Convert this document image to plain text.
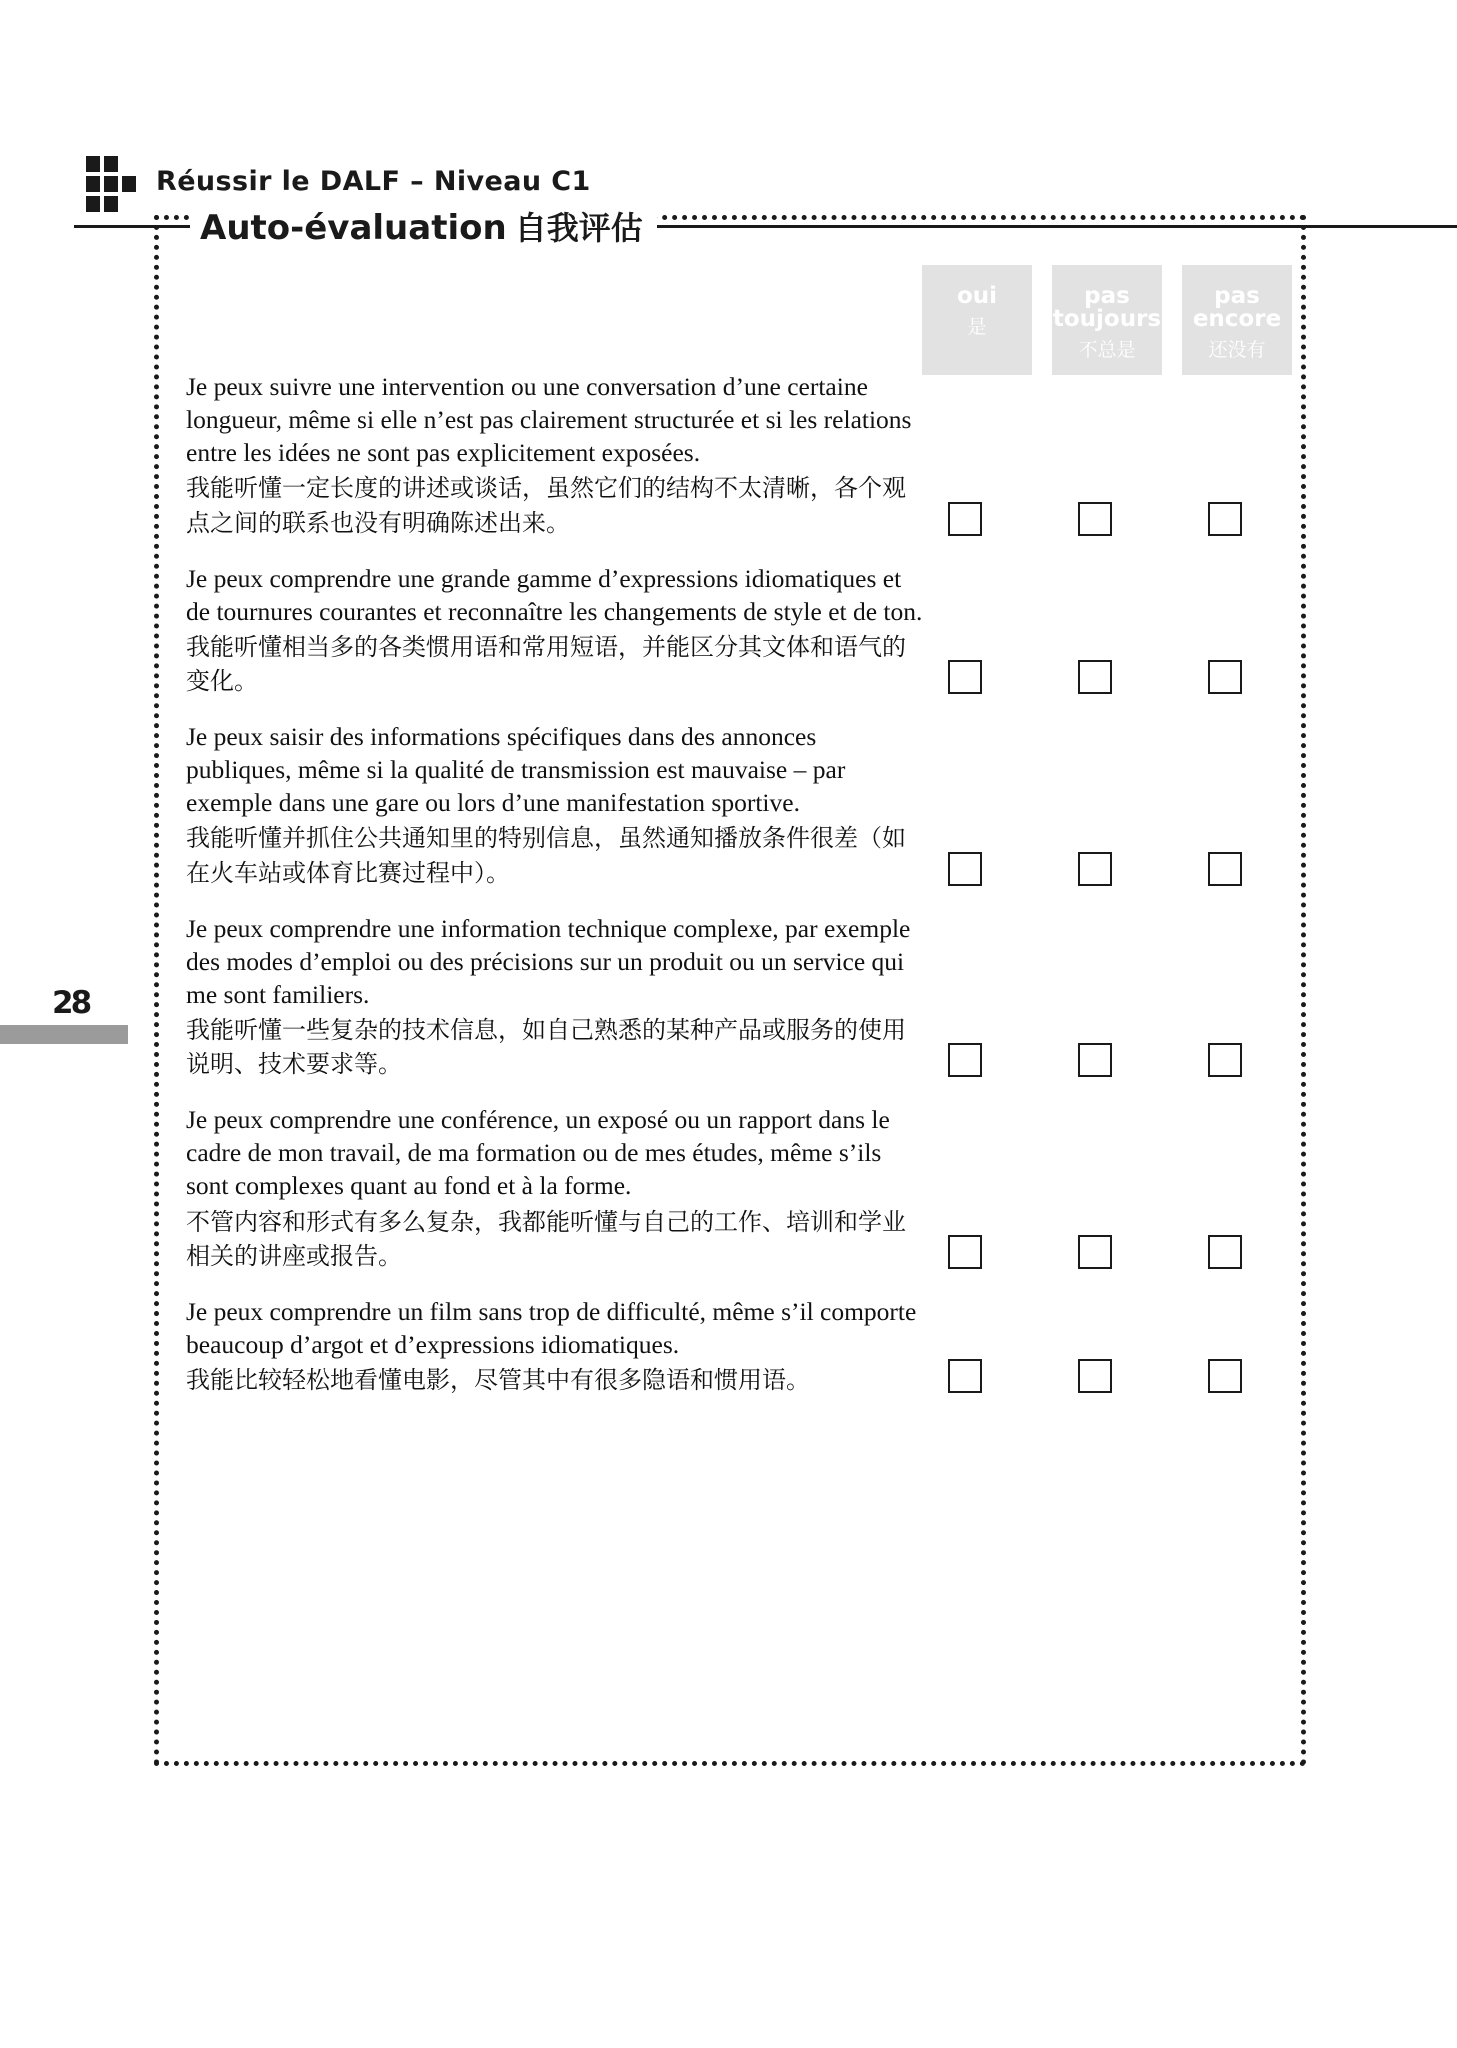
Réussir le DALF – Niveau C1
28
Auto-évaluation 自我评估
oui
是
pas toujours
不总是
pas encore
还没有
Je peux suivre une intervention ou une conversation d’une certaine longueur, même si elle n’est pas clairement structurée et si les relations entre les idées ne sont pas explicitement exposées.
我能听懂一定长度的讲述或谈话，虽然它们的结构不太清晰，各个观点之间的联系也没有明确陈述出来。
Je peux comprendre une grande gamme d’expressions idiomatiques et de tournures courantes et reconnaître les changements de style et de ton.
我能听懂相当多的各类惯用语和常用短语，并能区分其文体和语气的变化。
Je peux saisir des informations spécifiques dans des annonces publiques, même si la qualité de transmission est mauvaise – par exemple dans une gare ou lors d’une manifestation sportive.
我能听懂并抓住公共通知里的特别信息，虽然通知播放条件很差（如在火车站或体育比赛过程中）。
Je peux comprendre une information technique complexe, par exemple des modes d’emploi ou des précisions sur un produit ou un service qui me sont familiers.
我能听懂一些复杂的技术信息，如自己熟悉的某种产品或服务的使用说明、技术要求等。
Je peux comprendre une conférence, un exposé ou un rapport dans le cadre de mon travail, de ma formation ou de mes études, même s’ils sont complexes quant au fond et à la forme.
不管内容和形式有多么复杂，我都能听懂与自己的工作、培训和学业相关的讲座或报告。
Je peux comprendre un film sans trop de difficulté, même s’il comporte beaucoup d’argot et d’expressions idiomatiques.
我能比较轻松地看懂电影，尽管其中有很多隐语和惯用语。
